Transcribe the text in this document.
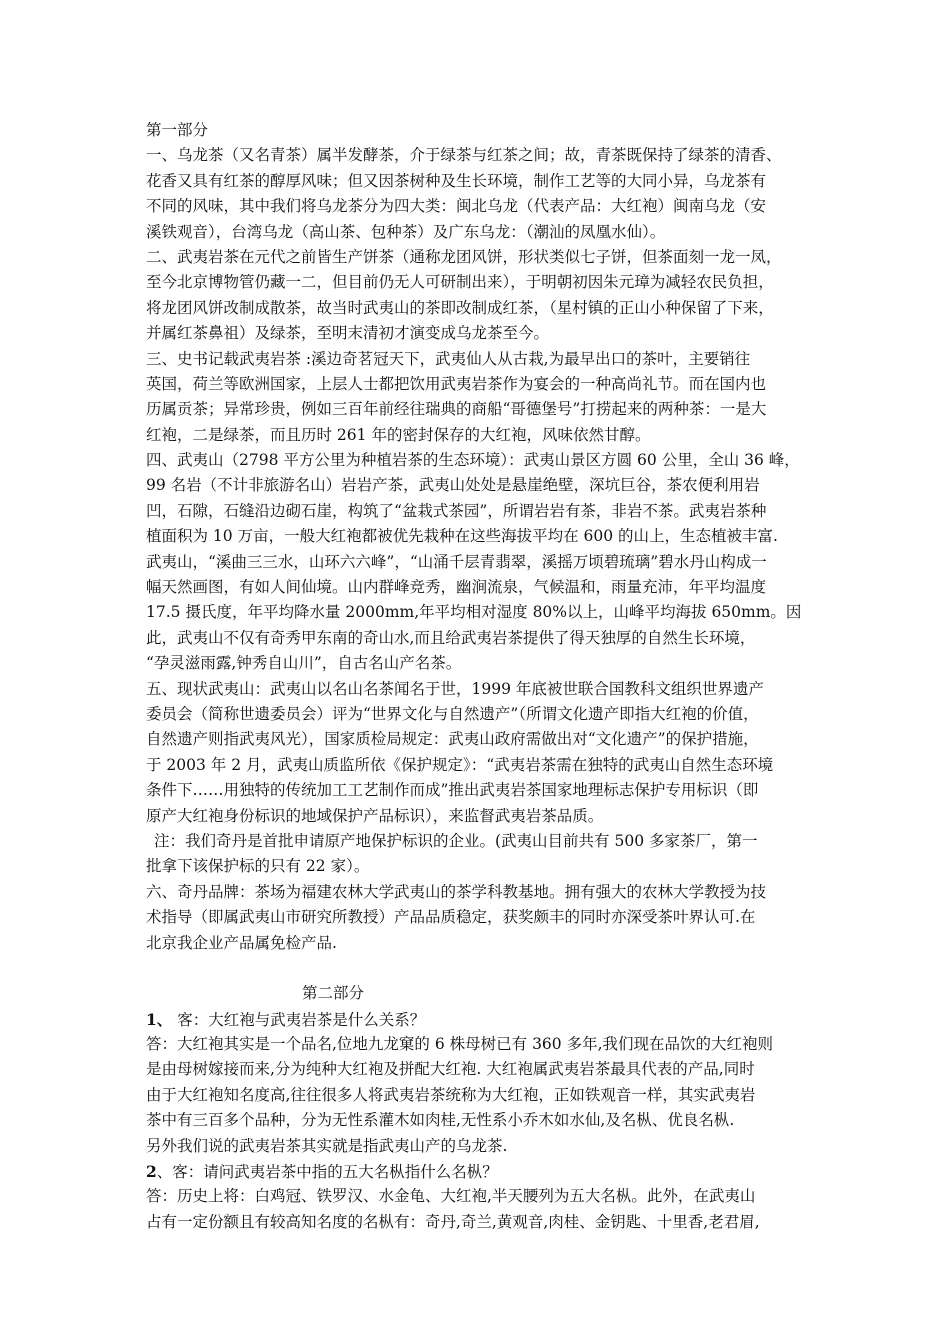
第一部分
一、乌龙茶（又名青茶）属半发酵茶，介于绿茶与红茶之间；故，青茶既保持了绿茶的清香、
花香又具有红茶的醇厚风味；但又因茶树种及生长环境，制作工艺等的大同小异，乌龙茶有
不同的风味，其中我们将乌龙茶分为四大类：闽北乌龙（代表产品：大红袍）闽南乌龙（安
溪铁观音），台湾乌龙（高山茶、包种茶）及广东乌龙：（潮汕的凤凰水仙）。
二、武夷岩茶在元代之前皆生产饼茶（通称龙团风饼，形状类似七子饼，但茶面刻一龙一凤，
至今北京博物管仍藏一二，但目前仍无人可研制出来），于明朝初因朱元璋为减轻农民负担，
将龙团风饼改制成散茶，故当时武夷山的茶即改制成红茶，（星村镇的正山小种保留了下来，
并属红茶鼻祖）及绿茶，至明末清初才演变成乌龙茶至今。
三、史书记载武夷岩茶 :溪边奇茗冠天下，武夷仙人从古栽,为最早出口的茶叶，主要销往
英国，荷兰等欧洲国家，上层人士都把饮用武夷岩茶作为宴会的一种高尚礼节。而在国内也
历属贡茶；异常珍贵，例如三百年前经往瑞典的商船“哥德堡号”打捞起来的两种茶：一是大
红袍，二是绿茶，而且历时 261 年的密封保存的大红袍，风味依然甘醇。
四、武夷山（2798 平方公里为种植岩茶的生态环境）：武夷山景区方圆 60 公里，全山 36 峰，
99 名岩（不计非旅游名山）岩岩产茶，武夷山处处是悬崖绝壁，深坑巨谷，茶农便利用岩
凹，石隙，石缝沿边砌石崖，构筑了“盆栽式茶园”，所谓岩岩有茶，非岩不茶。武夷岩茶种
植面积为 10 万亩，一般大红袍都被优先栽种在这些海拔平均在 600 的山上，生态植被丰富.
武夷山，“溪曲三三水，山环六六峰”，“山涌千层青翡翠，溪摇万顷碧琉璃”碧水丹山构成一
幅天然画图，有如人间仙境。山内群峰竞秀，幽涧流泉，气候温和，雨量充沛，年平均温度
17.5 摄氏度，年平均降水量 2000mm,年平均相对湿度 80%以上，山峰平均海拔 650mm。因
此，武夷山不仅有奇秀甲东南的奇山水,而且给武夷岩茶提供了得天独厚的自然生长环境，
“孕灵滋雨露,钟秀自山川”，自古名山产名茶。
五、现状武夷山：武夷山以名山名茶闻名于世，1999 年底被世联合国教科文组织世界遗产
委员会（简称世遗委员会）评为“世界文化与自然遗产”（所谓文化遗产即指大红袍的价值，
自然遗产则指武夷风光），国家质检局规定：武夷山政府需做出对“文化遗产”的保护措施，
于 2003 年 2 月，武夷山质监所依《保护规定》：“武夷岩茶需在独特的武夷山自然生态环境
条件下……用独特的传统加工工艺制作而成”推出武夷岩茶国家地理标志保护专用标识（即
原产大红袍身份标识的地域保护产品标识），来监督武夷岩茶品质。
注：我们奇丹是首批申请原产地保护标识的企业。(武夷山目前共有 500 多家茶厂，第一
批拿下该保护标的只有 22 家）。
六、奇丹品牌：茶场为福建农林大学武夷山的茶学科教基地。拥有强大的农林大学教授为技
术指导（即属武夷山市研究所教授）产品品质稳定，获奖颇丰的同时亦深受茶叶界认可.在
北京我企业产品属免检产品.
第二部分
1、 客：大红袍与武夷岩茶是什么关系？
答：大红袍其实是一个品名,位地九龙窠的 6 株母树已有 360 多年,我们现在品饮的大红袍则
是由母树嫁接而来,分为纯种大红袍及拼配大红袍. 大红袍属武夷岩茶最具代表的产品,同时
由于大红袍知名度高,往往很多人将武夷岩茶统称为大红袍，正如铁观音一样，其实武夷岩
茶中有三百多个品种，分为无性系灌木如肉桂,无性系小乔木如水仙,及名枞、优良名枞.
另外我们说的武夷岩茶其实就是指武夷山产的乌龙茶.
2、客：请问武夷岩茶中指的五大名枞指什么名枞？
答：历史上将：白鸡冠、铁罗汉、水金龟、大红袍,半天腰列为五大名枞。此外，在武夷山
占有一定份额且有较高知名度的名枞有：奇丹,奇兰,黄观音,肉桂、金钥匙、十里香,老君眉,
